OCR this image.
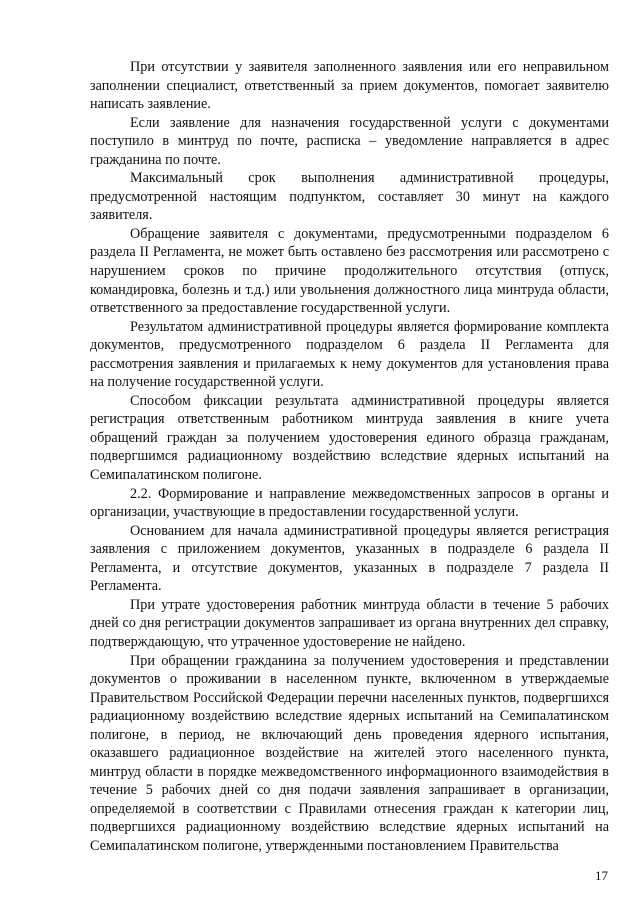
При отсутствии у заявителя заполненного заявления или его неправильном заполнении специалист, ответственный за прием документов, помогает заявителю написать заявление.

Если заявление для назначения государственной услуги с документами поступило в минтруд по почте, расписка – уведомление направляется в адрес гражданина по почте.

Максимальный срок выполнения административной процедуры, предусмотренной настоящим подпунктом, составляет 30 минут на каждого заявителя.

Обращение заявителя с документами, предусмотренными подразделом 6 раздела II Регламента, не может быть оставлено без рассмотрения или рассмотрено с нарушением сроков по причине продолжительного отсутствия (отпуск, командировка, болезнь и т.д.) или увольнения должностного лица минтруда области, ответственного за предоставление государственной услуги.

Результатом административной процедуры является формирование комплекта документов, предусмотренного подразделом 6 раздела II Регламента для рассмотрения заявления и прилагаемых к нему документов для установления права на получение государственной услуги.

Способом фиксации результата административной процедуры является регистрация ответственным работником минтруда заявления в книге учета обращений граждан за получением удостоверения единого образца гражданам, подвергшимся радиационному воздействию вследствие ядерных испытаний на Семипалатинском полигоне.

2.2. Формирование и направление межведомственных запросов в органы и организации, участвующие в предоставлении государственной услуги.

Основанием для начала административной процедуры является регистрация заявления с приложением документов, указанных в подразделе 6 раздела II Регламента, и отсутствие документов, указанных в подразделе 7 раздела II Регламента.

При утрате удостоверения работник минтруда области в течение 5 рабочих дней со дня регистрации документов запрашивает из органа внутренних дел справку, подтверждающую, что утраченное удостоверение не найдено.

При обращении гражданина за получением удостоверения и представлении документов о проживании в населенном пункте, включенном в утверждаемые Правительством Российской Федерации перечни населенных пунктов, подвергшихся радиационному воздействию вследствие ядерных испытаний на Семипалатинском полигоне, в период, не включающий день проведения ядерного испытания, оказавшего радиационное воздействие на жителей этого населенного пункта, минтруд области в порядке межведомственного информационного взаимодействия в течение 5 рабочих дней со дня подачи заявления запрашивает в организации, определяемой в соответствии с Правилами отнесения граждан к категории лиц, подвергшихся радиационному воздействию вследствие ядерных испытаний на Семипалатинском полигоне, утвержденными постановлением Правительства

17
